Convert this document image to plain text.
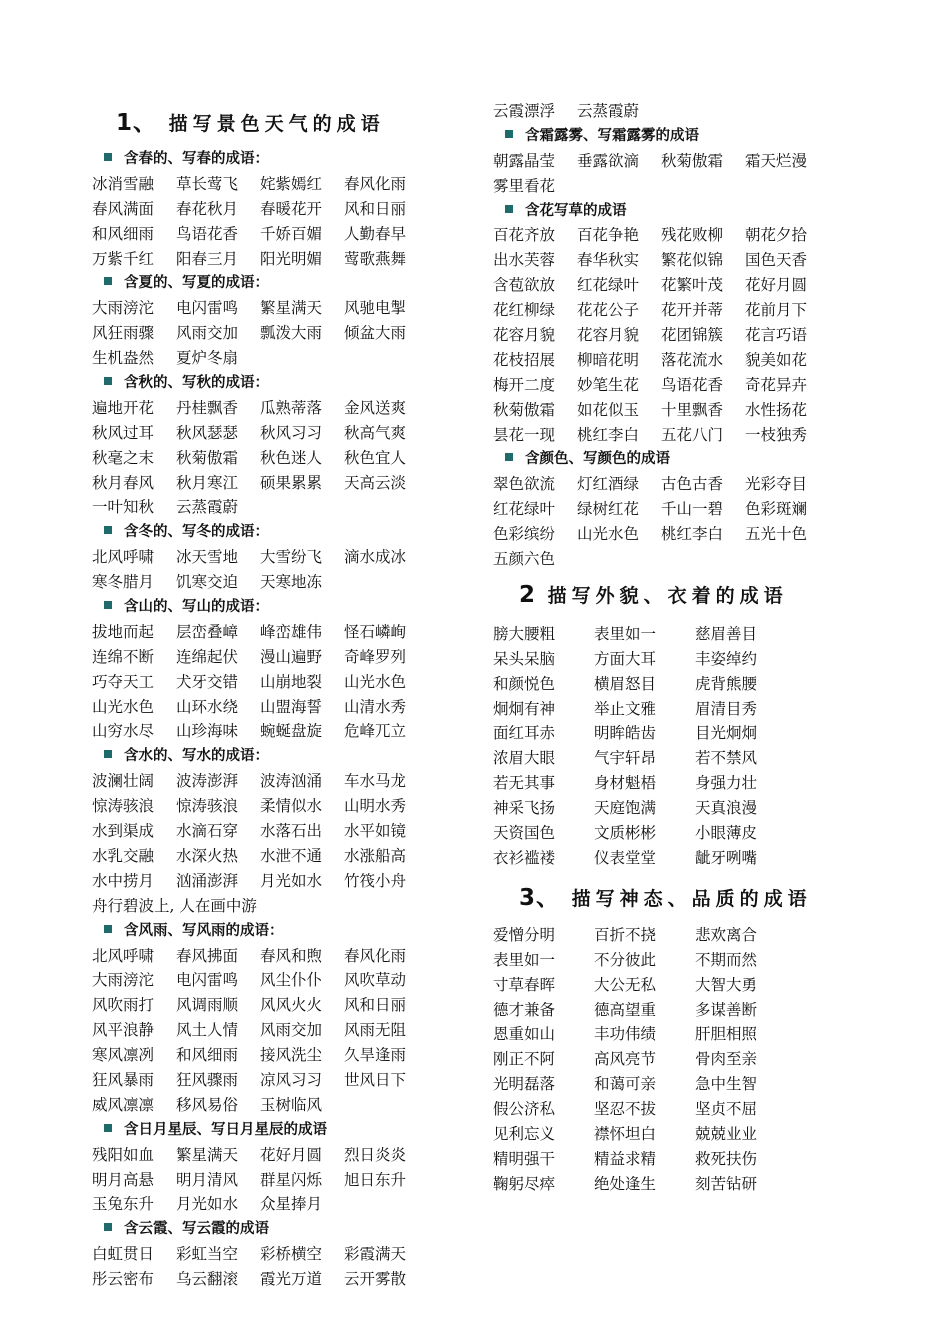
1、 描写景色天气的成语
含春的、写春的成语：
冰消雪融 草长莺飞 姹紫嫣红 春风化雨
春风满面 春花秋月 春暖花开 风和日丽
和风细雨 鸟语花香 千娇百媚 人勤春早
万紫千红 阳春三月 阳光明媚 莺歌燕舞
含夏的、写夏的成语：
大雨滂沱 电闪雷鸣 繁星满天 风驰电掣
风狂雨骤 风雨交加 瓢泼大雨 倾盆大雨
生机盎然 夏炉冬扇
含秋的、写秋的成语：
遍地开花 丹桂飘香 瓜熟蒂落 金风送爽
秋风过耳 秋风瑟瑟 秋风习习 秋高气爽
秋毫之末 秋菊傲霜 秋色迷人 秋色宜人
秋月春风 秋月寒江 硕果累累 天高云淡
一叶知秋 云蒸霞蔚
含冬的、写冬的成语：
北风呼啸 冰天雪地 大雪纷飞 滴水成冰
寒冬腊月 饥寒交迫 天寒地冻
含山的、写山的成语：
拔地而起 层峦叠嶂 峰峦雄伟 怪石嶙峋
连绵不断 连绵起伏 漫山遍野 奇峰罗列
巧夺天工 犬牙交错 山崩地裂 山光水色
山光水色 山环水绕 山盟海誓 山清水秀
山穷水尽 山珍海味 蜿蜒盘旋 危峰兀立
含水的、写水的成语：
波澜壮阔 波涛澎湃 波涛汹涌 车水马龙
惊涛骇浪 惊涛骇浪 柔情似水 山明水秀
水到渠成 水滴石穿 水落石出 水平如镜
水乳交融 水深火热 水泄不通 水涨船高
水中捞月 汹涌澎湃 月光如水 竹筏小舟
舟行碧波上, 人在画中游
含风雨、写风雨的成语：
北风呼啸 春风拂面 春风和煦 春风化雨
大雨滂沱 电闪雷鸣 风尘仆仆 风吹草动
风吹雨打 风调雨顺 风风火火 风和日丽
风平浪静 风土人情 风雨交加 风雨无阻
寒风凛冽 和风细雨 接风洗尘 久旱逢雨
狂风暴雨 狂风骤雨 凉风习习 世风日下
威风凛凛 移风易俗 玉树临风
含日月星辰、写日月星辰的成语
残阳如血 繁星满天 花好月圆 烈日炎炎
明月高悬 明月清风 群星闪烁 旭日东升
玉兔东升 月光如水 众星捧月
含云霞、写云霞的成语
白虹贯日 彩虹当空 彩桥横空 彩霞满天
彤云密布 乌云翻滚 霞光万道 云开雾散
云霞漂浮 云蒸霞蔚
含霜露雾、写霜露雾的成语
朝露晶莹 垂露欲滴 秋菊傲霜 霜天烂漫
雾里看花
含花写草的成语
百花齐放 百花争艳 残花败柳 朝花夕拾
出水芙蓉 春华秋实 繁花似锦 国色天香
含苞欲放 红花绿叶 花繁叶茂 花好月圆
花红柳绿 花花公子 花开并蒂 花前月下
花容月貌 花容月貌 花团锦簇 花言巧语
花枝招展 柳暗花明 落花流水 貌美如花
梅开二度 妙笔生花 鸟语花香 奇花异卉
秋菊傲霜 如花似玉 十里飘香 水性扬花
昙花一现 桃红李白 五花八门 一枝独秀
含颜色、写颜色的成语
翠色欲流 灯红酒绿 古色古香 光彩夺目
红花绿叶 绿树红花 千山一碧 色彩斑斓
色彩缤纷 山光水色 桃红李白 五光十色
五颜六色
2 描写外貌、衣着的成语
膀大腰粗	表里如一	慈眉善目
呆头呆脑	方面大耳	丰姿绰约
和颜悦色	横眉怒目	虎背熊腰
炯炯有神	举止文雅	眉清目秀
面红耳赤	明眸皓齿	目光炯炯
浓眉大眼	气宇轩昂	若不禁风
若无其事	身材魁梧	身强力壮
神采飞扬	天庭饱满	天真浪漫
天资国色	文质彬彬	小眼薄皮
衣衫褴褛	仪表堂堂	龇牙咧嘴
3、 描写神态、品质的成语
爱憎分明	百折不挠	悲欢离合
表里如一	不分彼此	不期而然
寸草春晖	大公无私	大智大勇
德才兼备	德高望重	多谋善断
恩重如山	丰功伟绩	肝胆相照
刚正不阿	高风亮节	骨肉至亲
光明磊落	和蔼可亲	急中生智
假公济私	坚忍不拔	坚贞不屈
见利忘义	襟怀坦白	兢兢业业
精明强干	精益求精	救死扶伤
鞠躬尽瘁	绝处逢生	刻苦钻研
